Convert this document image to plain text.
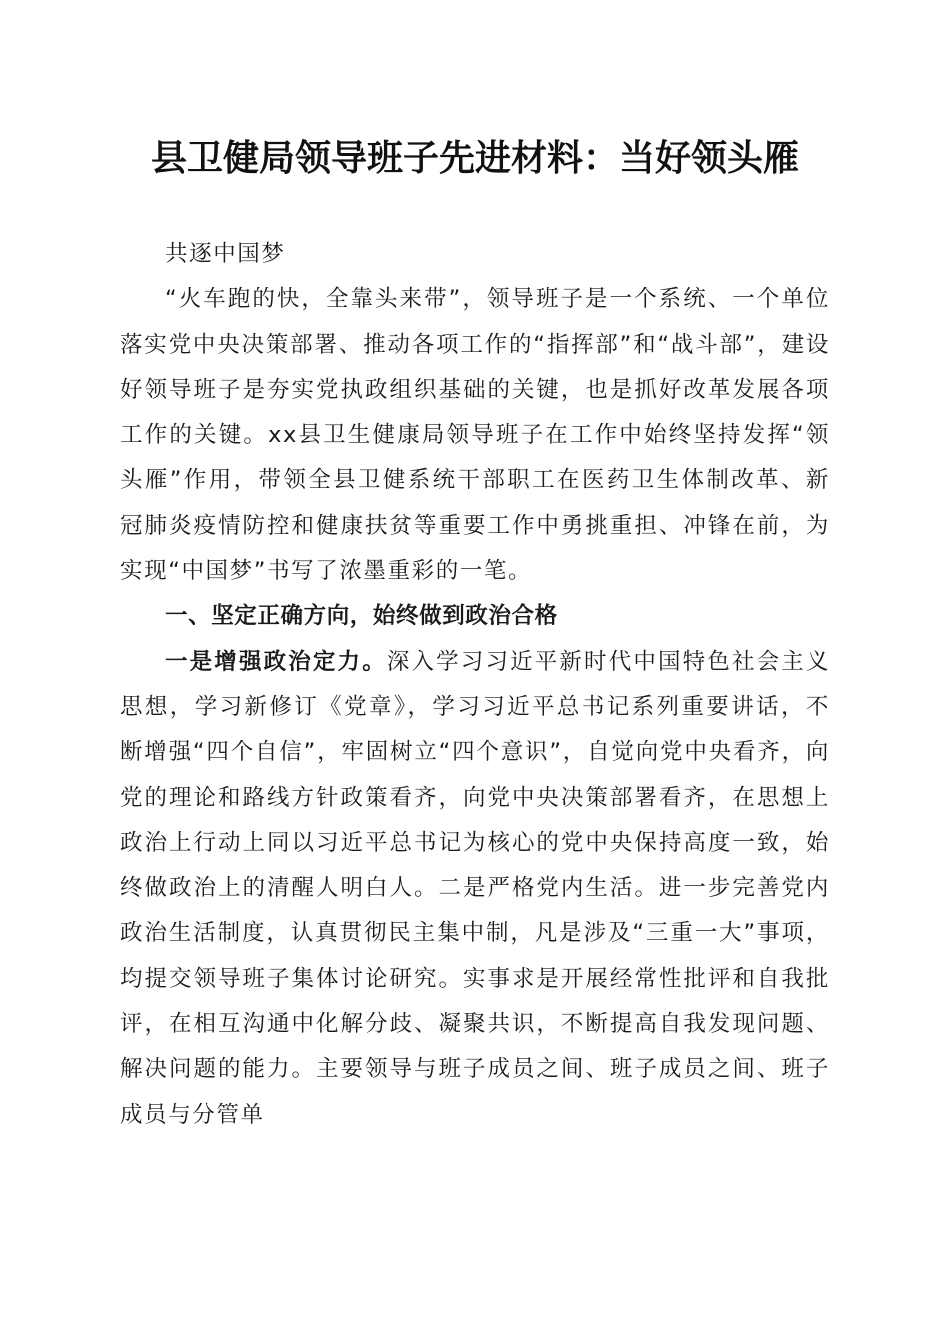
县卫健局领导班子先进材料：当好领头雁

共逐中国梦

“火车跑的快，全靠头来带”，领导班子是一个系统、一个单位落实党中央决策部署、推动各项工作的“指挥部”和“战斗部”，建设好领导班子是夯实党执政组织基础的关键，也是抓好改革发展各项工作的关键。xx县卫生健康局领导班子在工作中始终坚持发挥“领头雁”作用，带领全县卫健系统干部职工在医药卫生体制改革、新冠肺炎疫情防控和健康扶贫等重要工作中勇挑重担、冲锋在前，为实现“中国梦”书写了浓墨重彩的一笔。

一、坚定正确方向，始终做到政治合格

一是增强政治定力。深入学习习近平新时代中国特色社会主义思想，学习新修订《党章》，学习习近平总书记系列重要讲话，不断增强“四个自信”，牢固树立“四个意识”，自觉向党中央看齐，向党的理论和路线方针政策看齐，向党中央决策部署看齐，在思想上政治上行动上同以习近平总书记为核心的党中央保持高度一致，始终做政治上的清醒人明白人。二是严格党内生活。进一步完善党内政治生活制度，认真贯彻民主集中制，凡是涉及“三重一大”事项，均提交领导班子集体讨论研究。实事求是开展经常性批评和自我批评，在相互沟通中化解分歧、凝聚共识，不断提高自我发现问题、解决问题的能力。主要领导与班子成员之间、班子成员之间、班子成员与分管单
